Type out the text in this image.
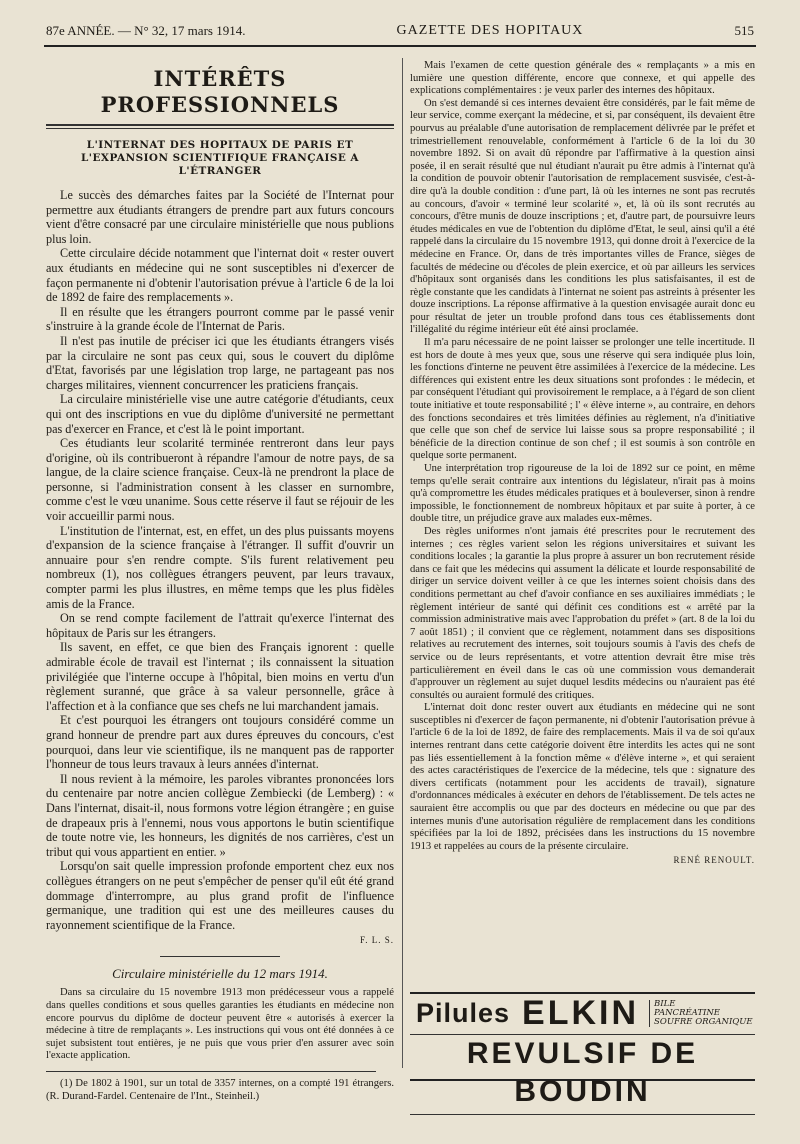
87e ANNÉE. — N° 32, 17 mars 1914.	GAZETTE DES HOPITAUX	515
INTÉRÊTS PROFESSIONNELS
L'INTERNAT DES HOPITAUX DE PARIS ET L'EXPANSION SCIENTIFIQUE FRANÇAISE A L'ÉTRANGER

Le succès des démarches faites par la Société de l'Internat pour permettre aux étudiants étrangers de prendre part aux futurs concours vient d'être consacré par une circulaire ministérielle que nous publions plus loin.

Cette circulaire décide notamment que l'internat doit « rester ouvert aux étudiants en médecine qui ne sont susceptibles ni d'exercer de façon permanente ni d'obtenir l'autorisation prévue à l'article 6 de la loi de 1892 de faire des remplacements ».

Il en résulte que les étrangers pourront comme par le passé venir s'instruire à la grande école de l'Internat de Paris.

Il n'est pas inutile de préciser ici que les étudiants étrangers visés par la circulaire ne sont pas ceux qui, sous le couvert du diplôme d'Etat, favorisés par une législation trop large, ne partageant pas nos charges militaires, viennent concurrencer les praticiens français.

La circulaire ministérielle vise une autre catégorie d'étudiants, ceux qui ont des inscriptions en vue du diplôme d'université ne permettant pas d'exercer en France, et c'est là le point important.

Ces étudiants leur scolarité terminée rentreront dans leur pays d'origine, où ils contribueront à répandre l'amour de notre pays, de sa langue, de la claire science française. Ceux-là ne prendront la place de personne, si l'administration consent à les classer en surnombre, comme c'est le vœu unanime. Sous cette réserve il faut se réjouir de les voir accueillir parmi nous.

L'institution de l'internat, est, en effet, un des plus puissants moyens d'expansion de la science française à l'étranger. Il suffit d'ouvrir un annuaire pour s'en rendre compte. S'ils furent relativement peu nombreux (1), nos collègues étrangers peuvent, par leurs travaux, compter parmi les plus illustres, en même temps que les plus fidèles amis de la France.

On se rend compte facilement de l'attrait qu'exerce l'internat des hôpitaux de Paris sur les étrangers.

Ils savent, en effet, ce que bien des Français ignorent : quelle admirable école de travail est l'internat ; ils connaissent la situation privilégiée que l'interne occupe à l'hôpital, bien moins en vertu d'un règlement suranné, que grâce à sa valeur personnelle, grâce à l'affection et à la confiance que ses chefs ne lui marchandent jamais.

Et c'est pourquoi les étrangers ont toujours considéré comme un grand honneur de prendre part aux dures épreuves du concours, c'est pourquoi, dans leur vie scientifique, ils ne manquent pas de rapporter l'honneur de tous leurs travaux à leurs années d'internat.

Il nous revient à la mémoire, les paroles vibrantes prononcées lors du centenaire par notre ancien collègue Zembiecki (de Lemberg) : « Dans l'internat, disait-il, nous formons votre légion étrangère ; en guise de drapeaux pris à l'ennemi, nous vous apportons le butin scientifique de toute notre vie, les honneurs, les dignités de nos carrières, c'est un tribut qui vous appartient en entier. »

Lorsqu'on sait quelle impression profonde emportent chez eux nos collègues étrangers on ne peut s'empêcher de penser qu'il eût été grand dommage d'interrompre, au plus grand profit de l'influence germanique, une tradition qui est une des meilleures causes du rayonnement scientifique de la France.

F. L. S.
Circulaire ministérielle du 12 mars 1914.

Dans sa circulaire du 15 novembre 1913 mon prédécesseur vous a rappelé dans quelles conditions et sous quelles garanties les étudiants en médecine non encore pourvus du diplôme de docteur peuvent être « autorisés à exercer la médecine à titre de remplaçants ». Les instructions qui vous ont été données à ce sujet subsistent tout entières, je ne puis que vous prier d'en assurer avec soin l'exacte application.

(1) De 1802 à 1901, sur un total de 3357 internes, on a compté 191 étrangers. (R. Durand-Fardel. Centenaire de l'Int., Steinheil.)

Mais l'examen de cette question générale des « remplaçants » a mis en lumière une question différente, encore que connexe, et qui appelle des explications complémentaires : je veux parler des internes des hôpitaux.

On s'est demandé si ces internes devaient être considérés, par le fait même de leur service, comme exerçant la médecine, et si, par conséquent, ils devaient être pourvus au préalable d'une autorisation de remplacement délivrée par le préfet et trimestriellement renouvelable, conformément à l'article 6 de la loi du 30 novembre 1892. Si on avait dû répondre par l'affirmative à la question ainsi posée, il en serait résulté que nul étudiant n'aurait pu être admis à l'internat qu'à la condition de pouvoir obtenir l'autorisation de remplacement susvisée, c'est-à-dire qu'à la double condition : d'une part, là où les internes ne sont pas recrutés au concours, d'avoir « terminé leur scolarité », et, là où ils sont recrutés au concours, d'être munis de douze inscriptions ; et, d'autre part, de poursuivre leurs études médicales en vue de l'obtention du diplôme d'Etat, le seul, ainsi qu'il a été rappelé dans la circulaire du 15 novembre 1913, qui donne droit à l'exercice de la médecine en France. Or, dans de très importantes villes de France, sièges de facultés de médecine ou d'écoles de plein exercice, et où par ailleurs les services d'hôpitaux sont organisés dans les conditions les plus satisfaisantes, il est de règle constante que les candidats à l'internat ne soient pas astreints à présenter les douze inscriptions. La réponse affirmative à la question envisagée aurait donc eu pour résultat de jeter un trouble profond dans tous ces établissements dont l'illégalité du régime intérieur eût été ainsi proclamée.

Il m'a paru nécessaire de ne point laisser se prolonger une telle incertitude. Il est hors de doute à mes yeux que, sous une réserve qui sera indiquée plus loin, les fonctions d'interne ne peuvent être assimilées à l'exercice de la médecine. Les différences qui existent entre les deux situations sont profondes : le médecin, et par conséquent l'étudiant qui provisoirement le remplace, a à l'égard de son client toute initiative et toute responsabilité ; l' « élève interne », au contraire, en dehors des fonctions secondaires et très limitées définies au règlement, n'a d'initiative que celle que son chef de service lui laisse sous sa propre responsabilité ; il bénéficie de la direction continue de son chef ; il est soumis à son contrôle en quelque sorte permanent.

Une interprétation trop rigoureuse de la loi de 1892 sur ce point, en même temps qu'elle serait contraire aux intentions du législateur, n'irait pas à moins qu'à compromettre les études médicales pratiques et à bouleverser, sinon à rendre impossible, le fonctionnement de nombreux hôpitaux et par suite à porter, à ce double titre, un préjudice grave aux malades eux-mêmes.

Des règles uniformes n'ont jamais été prescrites pour le recrutement des internes ; ces règles varient selon les régions universitaires et suivant les conditions locales ; la garantie la plus propre à assurer un bon recrutement réside dans ce fait que les médecins qui assument la délicate et lourde responsabilité de diriger un service doivent veiller à ce que les internes soient choisis dans des conditions permettant au chef d'avoir confiance en ses auxiliaires immédiats ; le règlement intérieur de santé qui définit ces conditions est « arrêté par la commission administrative mais avec l'approbation du préfet » (art. 8 de la loi du 7 août 1851) ; il convient que ce règlement, notamment dans ses dispositions relatives au recrutement des internes, soit toujours soumis à l'avis des chefs de service ou de leurs représentants, et votre attention devrait être mise très particulièrement en éveil dans le cas où une commission vous demanderait d'approuver un règlement au sujet duquel lesdits médecins ou n'auraient pas été consultés ou auraient formulé des critiques.

L'internat doit donc rester ouvert aux étudiants en médecine qui ne sont susceptibles ni d'exercer de façon permanente, ni d'obtenir l'autorisation prévue à l'article 6 de la loi de 1892, de faire des remplacements. Mais il va de soi qu'aux internes rentrant dans cette catégorie doivent être interdits les actes qui ne sont pas liés essentiellement à la fonction même « d'élève interne », et qui seraient des actes caractéristiques de l'exercice de la médecine, tels que : signature des divers certificats (notamment pour les accidents de travail), signature d'ordonnances médicales à exécuter en dehors de l'établissement. De tels actes ne sauraient être accomplis ou que par des docteurs en médecine ou que par des internes munis d'une autorisation régulière de remplacement dans les conditions spécifiées par la loi de 1892, précisées dans les instructions du 15 novembre 1913 et rappelées au cours de la présente circulaire.

RENÉ RENOULT.
Pilules ELKIN	BILE
PANCRÉATINE
SOUFRE ORGANIQUE
REVULSIF DE BOUDIN
